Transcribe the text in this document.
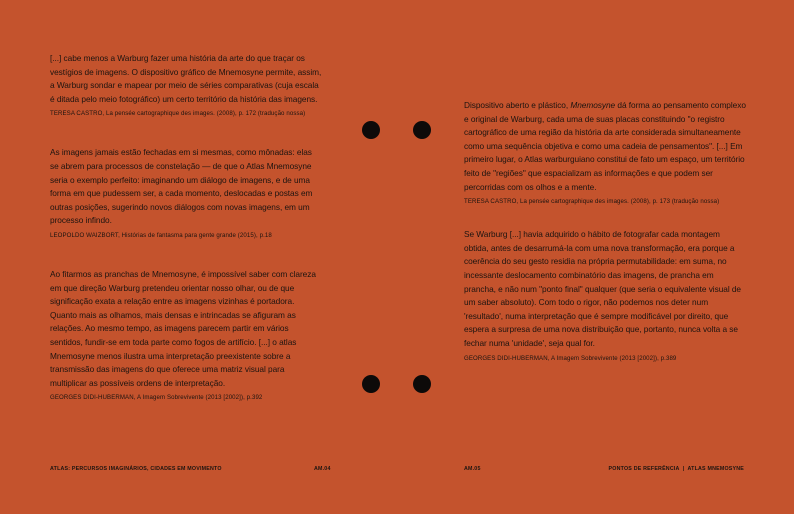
[...] cabe menos a Warburg fazer uma história da arte do que traçar os vestígios de imagens. O dispositivo gráfico de Mnemosyne permite, assim, a Warburg sondar e mapear por meio de séries comparativas (cuja escala é ditada pelo meio fotográfico) um certo território da história das imagens.

TERESA CASTRO, La pensée cartographique des images. (2008), p. 172 (tradução nossa)

As imagens jamais estão fechadas em si mesmas, como mônadas: elas se abrem para processos de constelação — de que o Atlas Mnemosyne seria o exemplo perfeito: imaginando um diálogo de imagens, e de uma forma em que pudessem ser, a cada momento, deslocadas e postas em outras posições, sugerindo novos diálogos com novas imagens, em um processo infindo.

LEOPOLDO WAIZBORT, Histórias de fantasma para gente grande (2015), p.18

Ao fitarmos as pranchas de Mnemosyne, é impossível saber com clareza em que direção Warburg pretendeu orientar nosso olhar, ou de que significação exata a relação entre as imagens vizinhas é portadora. Quanto mais as olhamos, mais densas e intrincadas se afiguram as relações. Ao mesmo tempo, as imagens parecem partir em vários sentidos, fundir-se em toda parte como fogos de artifício. [...] o atlas Mnemosyne menos ilustra uma interpretação preexistente sobre a transmissão das imagens do que oferece uma matriz visual para multiplicar as possíveis ordens de interpretação.

GEORGES DIDI-HUBERMAN, A Imagem Sobrevivente (2013 [2002]), p.392

Dispositivo aberto e plástico, Mnemosyne dá forma ao pensamento complexo e original de Warburg, cada uma de suas placas constituindo "o registro cartográfico de uma região da história da arte considerada simultaneamente como uma sequência objetiva e como uma cadeia de pensamentos". [...] Em primeiro lugar, o Atlas warburguiano constitui de fato um espaço, um território feito de "regiões" que espacializam as informações e que podem ser percorridas com os olhos e a mente.

TERESA CASTRO, La pensée cartographique des images. (2008), p. 173 (tradução nossa)

Se Warburg [...] havia adquirido o hábito de fotografar cada montagem obtida, antes de desarrumá-la com uma nova transformação, era porque a coerência do seu gesto residia na própria permutabilidade: em suma, no incessante deslocamento combinatório das imagens, de prancha em prancha, e não num "ponto final" qualquer (que seria o equivalente visual de um saber absoluto). Com todo o rigor, não podemos nos deter num 'resultado', numa interpretação que é sempre modificável por direito, que espera a surpresa de uma nova distribuição que, portanto, nunca volta a se fechar numa 'unidade', seja qual for.

GEORGES DIDI-HUBERMAN, A Imagem Sobrevivente (2013 [2002]), p.389
ATLAS: PERCURSOS IMAGINÁRIOS, CIDADES EM MOVIMENTO	AM.04	AM.05	PONTOS DE REFERÊNCIA  |  ATLAS MNEMOSYNE
